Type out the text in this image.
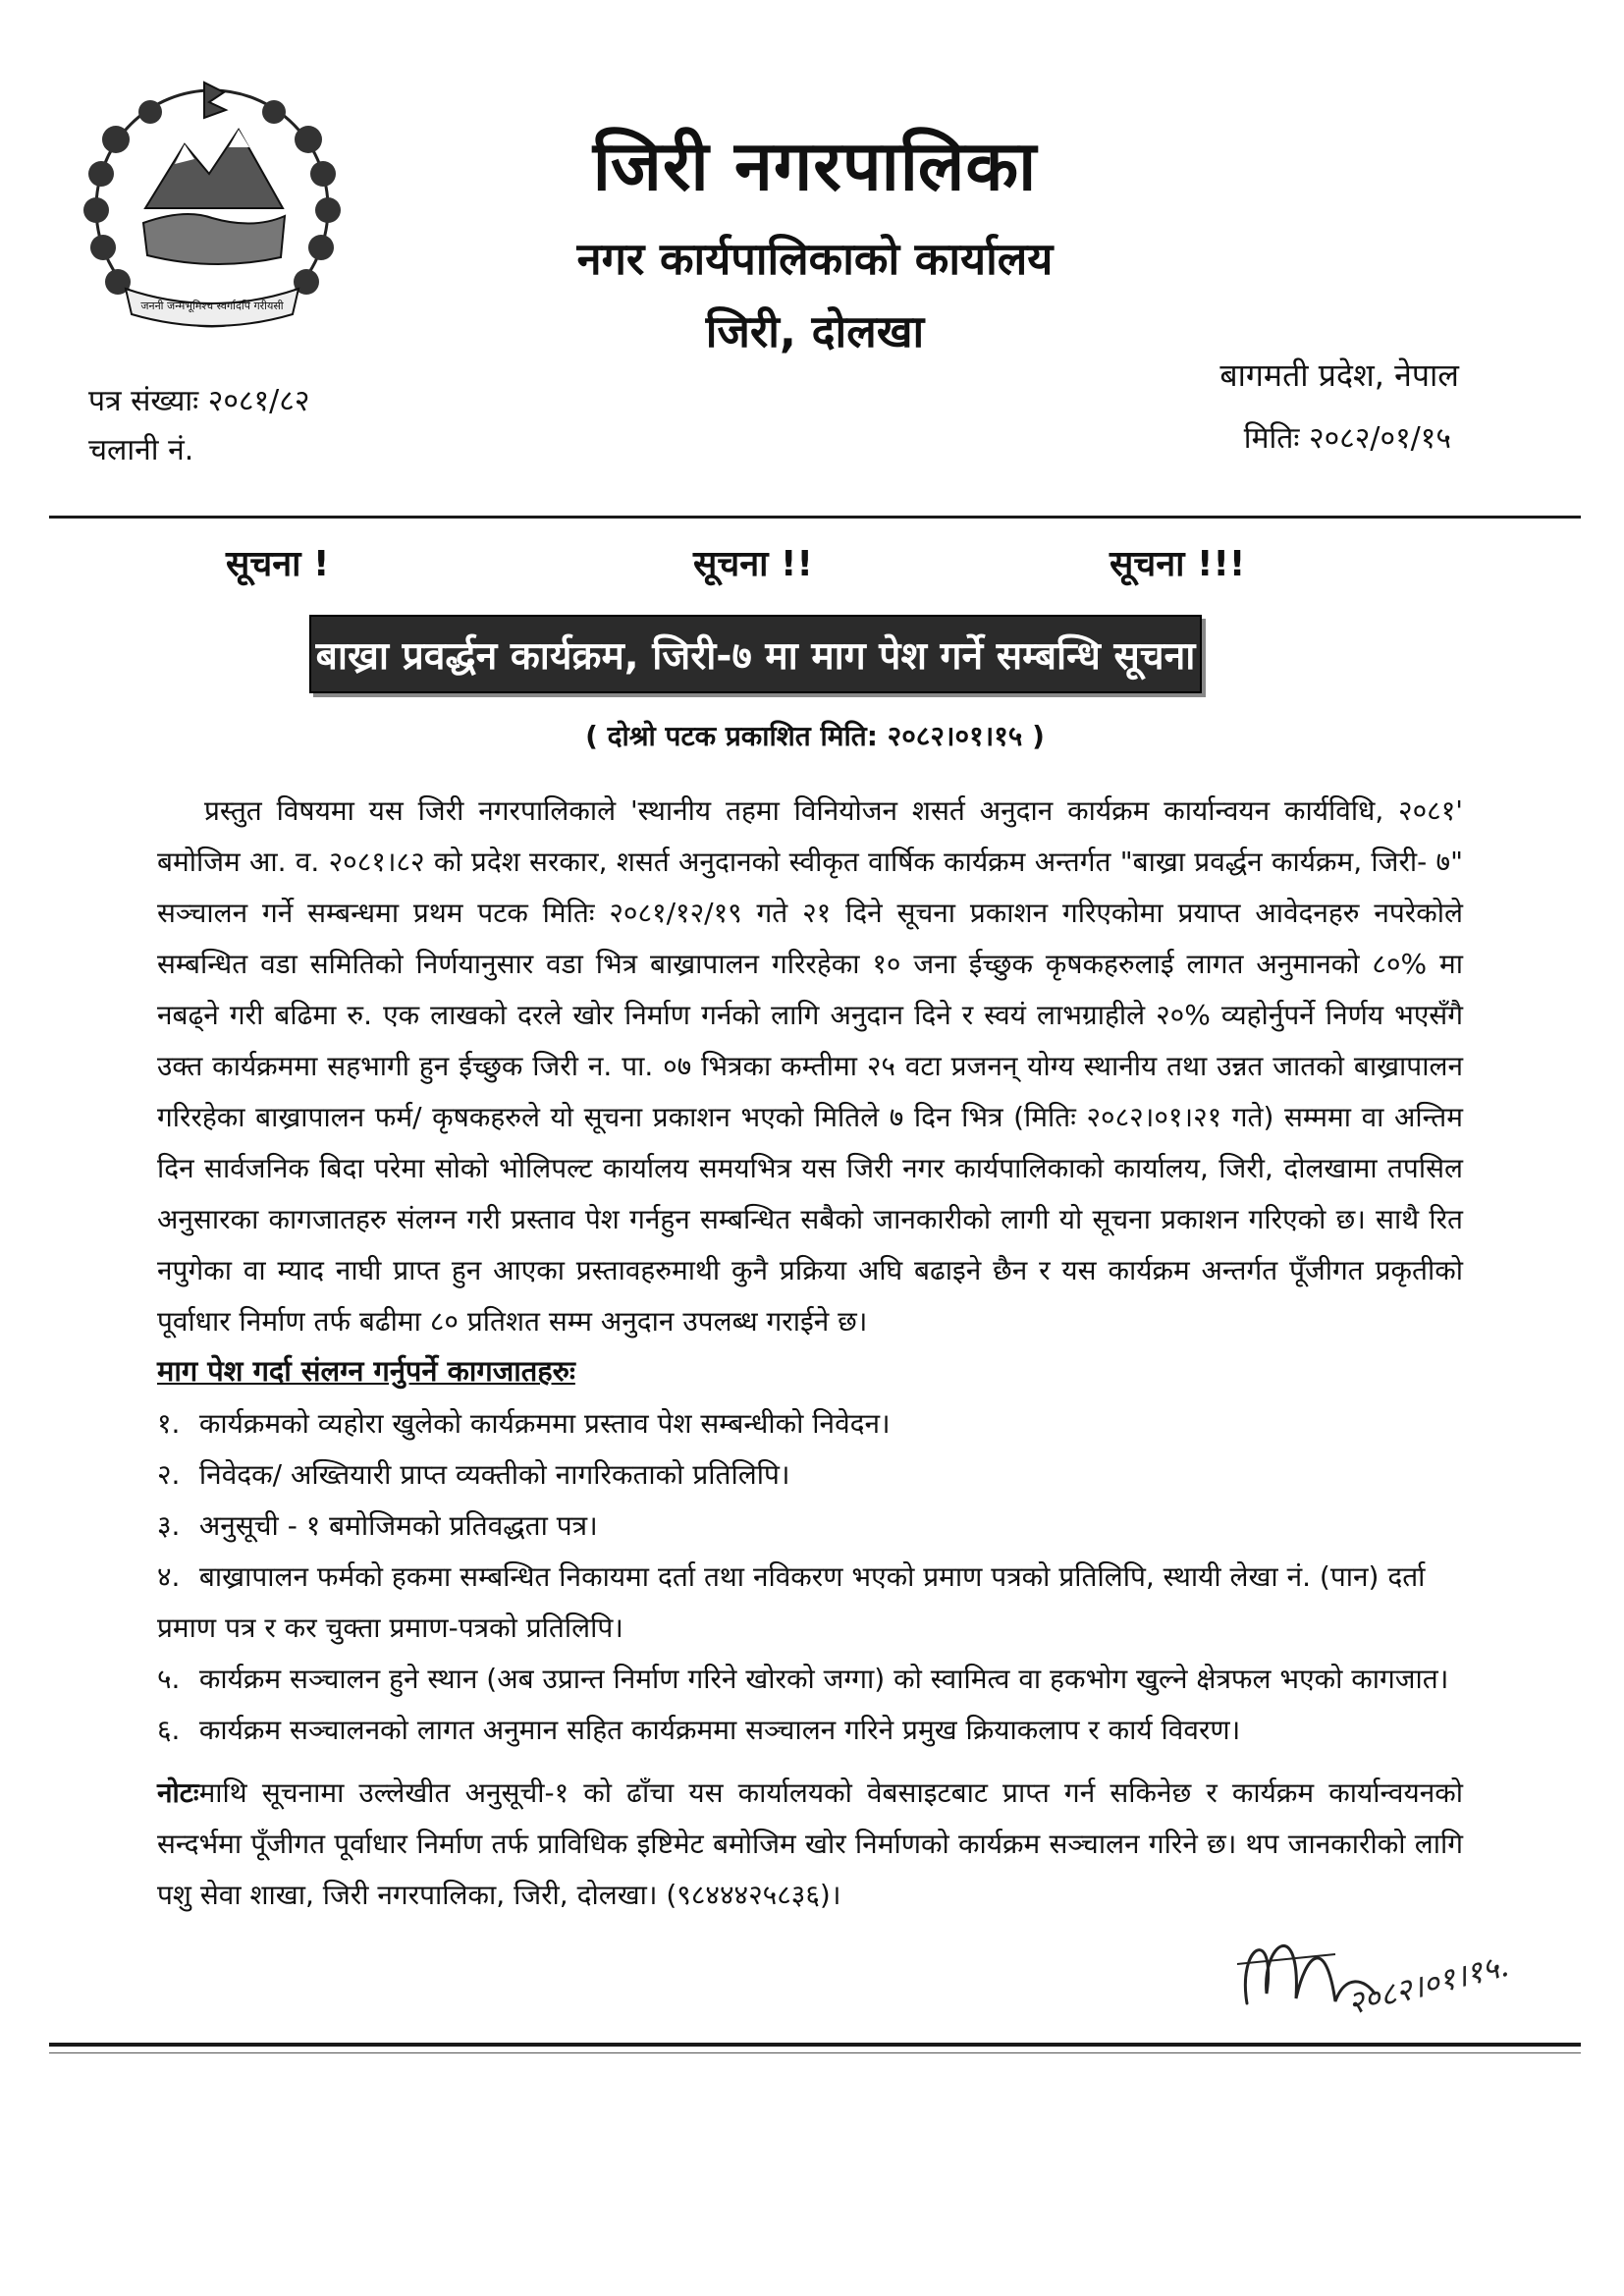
जननी जन्मभूमिश्च स्वर्गादपि गरीयसी
जिरी नगरपालिका
नगर कार्यपालिकाको कार्यालय
जिरी, दोलखा
पत्र संख्याः २०८१/८२
चलानी नं.
बागमती प्रदेश, नेपाल
मितिः २०८२/०१/१५
सूचना !	सूचना !!	सूचना !!!
बाख्रा प्रवर्द्धन कार्यक्रम, जिरी-७ मा माग पेश गर्ने सम्बन्धि सूचना
( दोश्रो पटक प्रकाशित मिति: २०८२।०१।१५ )

प्रस्तुत विषयमा यस जिरी नगरपालिकाले 'स्थानीय तहमा विनियोजन शसर्त अनुदान कार्यक्रम कार्यान्वयन कार्यविधि, २०८१' बमोजिम आ. व. २०८१।८२ को प्रदेश सरकार, शसर्त अनुदानको स्वीकृत वार्षिक कार्यक्रम अन्तर्गत "बाख्रा प्रवर्द्धन कार्यक्रम, जिरी- ७" सञ्चालन गर्ने सम्बन्धमा प्रथम पटक मितिः २०८१/१२/१९ गते २१ दिने सूचना प्रकाशन गरिएकोमा प्रयाप्त आवेदनहरु नपरेकोले सम्बन्धित वडा समितिको निर्णयानुसार वडा भित्र बाख्रापालन गरिरहेका १० जना ईच्छुक कृषकहरुलाई लागत अनुमानको ८०% मा नबढ्ने गरी बढिमा रु. एक लाखको दरले खोर निर्माण गर्नको लागि अनुदान दिने र स्वयं लाभग्राहीले २०% व्यहोर्नुपर्ने निर्णय भएसँगै उक्त कार्यक्रममा सहभागी हुन ईच्छुक जिरी न. पा. ०७ भित्रका कम्तीमा २५ वटा प्रजनन् योग्य स्थानीय तथा उन्नत जातको बाख्रापालन गरिरहेका बाख्रापालन फर्म/ कृषकहरुले यो सूचना प्रकाशन भएको मितिले ७ दिन भित्र (मितिः २०८२।०१।२१ गते) सम्ममा वा अन्तिम दिन सार्वजनिक बिदा परेमा सोको भोलिपल्ट कार्यालय समयभित्र यस जिरी नगर कार्यपालिकाको कार्यालय, जिरी, दोलखामा तपसिल अनुसारका कागजातहरु संलग्न गरी प्रस्ताव पेश गर्नहुन सम्बन्धित सबैको जानकारीको लागी यो सूचना प्रकाशन गरिएको छ। साथै रित नपुगेका वा म्याद नाघी प्राप्त हुन आएका प्रस्तावहरुमाथी कुनै प्रक्रिया अघि बढाइने छैन र यस कार्यक्रम अन्तर्गत पूँजीगत प्रकृतीको पूर्वाधार निर्माण तर्फ बढीमा ८० प्रतिशत सम्म अनुदान उपलब्ध गराईने छ।

माग पेश गर्दा संलग्न गर्नुपर्ने कागजातहरुः
१. कार्यक्रमको व्यहोरा खुलेको कार्यक्रममा प्रस्ताव पेश सम्बन्धीको निवेदन।
२. निवेदक/ अख्तियारी प्राप्त व्यक्तीको नागरिकताको प्रतिलिपि।
३. अनुसूची - १ बमोजिमको प्रतिवद्धता पत्र।
४. बाख्रापालन फर्मको हकमा सम्बन्धित निकायमा दर्ता तथा नविकरण भएको प्रमाण पत्रको प्रतिलिपि, स्थायी लेखा नं. (पान) दर्ता प्रमाण पत्र र कर चुक्ता प्रमाण-पत्रको प्रतिलिपि।
५. कार्यक्रम सञ्चालन हुने स्थान (अब उप्रान्त निर्माण गरिने खोरको जग्गा) को स्वामित्व वा हकभोग खुल्ने क्षेत्रफल भएको कागजात।
६. कार्यक्रम सञ्चालनको लागत अनुमान सहित कार्यक्रममा सञ्चालन गरिने प्रमुख क्रियाकलाप र कार्य विवरण।

नोटःमाथि सूचनामा उल्लेखीत अनुसूची-१ को ढाँचा यस कार्यालयको वेबसाइटबाट प्राप्त गर्न सकिनेछ र कार्यक्रम कार्यान्वयनको सन्दर्भमा पूँजीगत पूर्वाधार निर्माण तर्फ प्राविधिक इष्टिमेट बमोजिम खोर निर्माणको कार्यक्रम सञ्चालन गरिने छ। थप जानकारीको लागि पशु सेवा शाखा, जिरी नगरपालिका, जिरी, दोलखा। (९८४४४२५८३६)।

२०८२।०१।१५.
